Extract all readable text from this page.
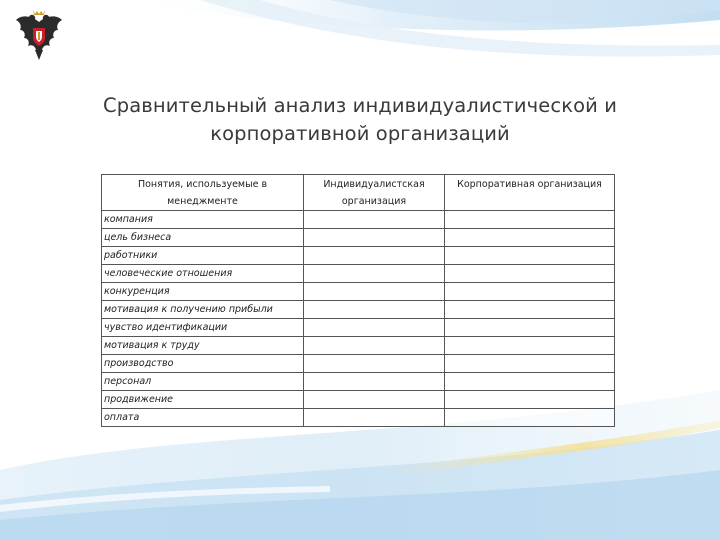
Сравнительный анализ индивидуалистической и
корпоративной организаций
Понятия, используемые в менеджменте	Индивидуалистская организация	Корпоративная организация
компания		
цель бизнеса		
работники		
человеческие отношения		
конкуренция		
мотивация к получению прибыли		
чувство идентификации		
мотивация к труду		
производство		
персонал		
продвижение		
оплата		
